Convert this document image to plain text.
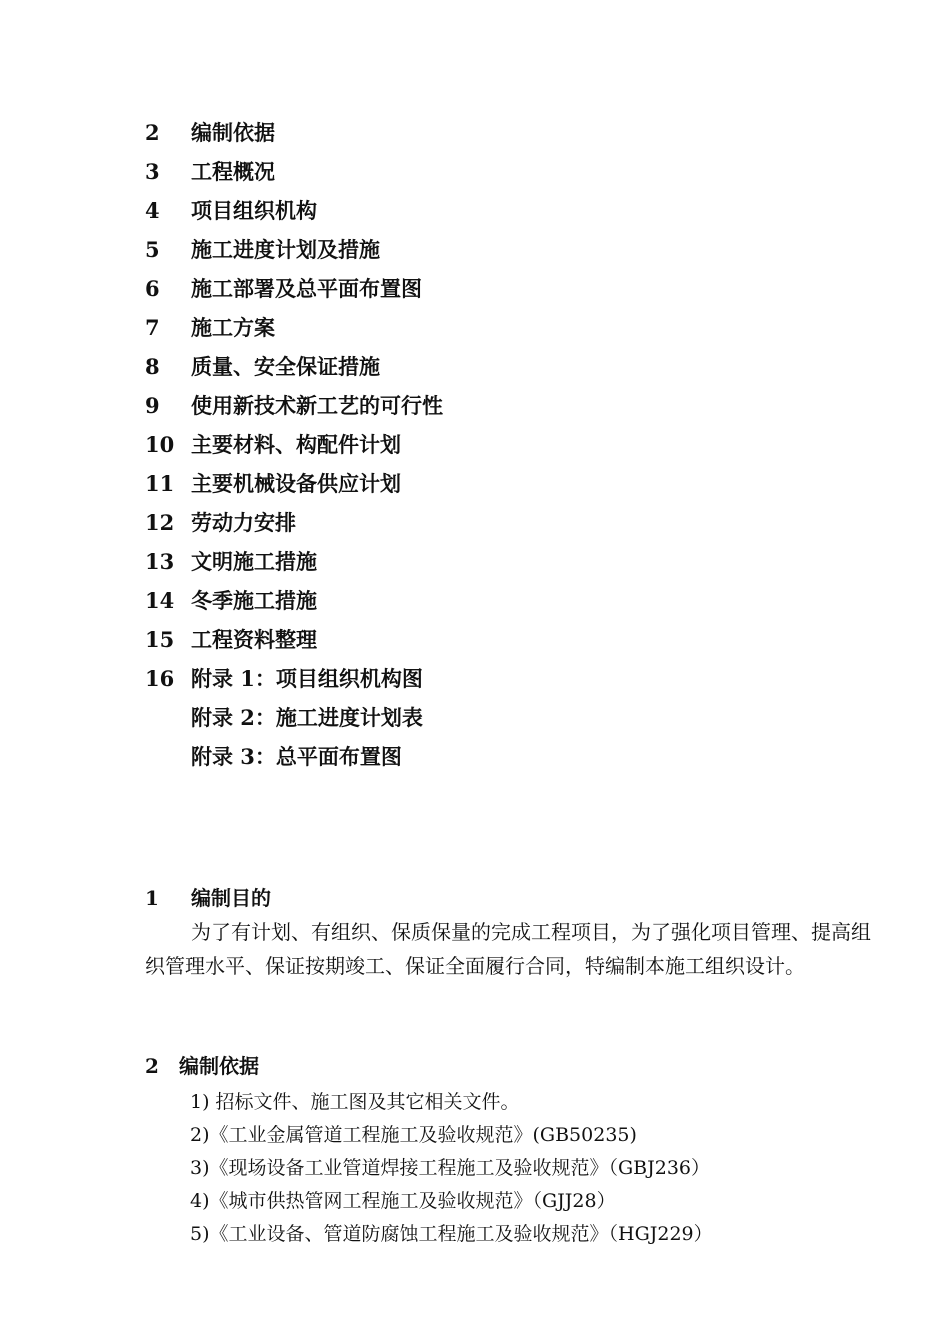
2 编制依据
3 工程概况
4 项目组织机构
5 施工进度计划及措施
6 施工部署及总平面布置图
7 施工方案
8 质量、安全保证措施
9 使用新技术新工艺的可行性
10 主要材料、构配件计划
11 主要机械设备供应计划
12 劳动力安排
13 文明施工措施
14 冬季施工措施
15 工程资料整理
16 附录 1：项目组织机构图
附录 2：施工进度计划表
附录 3：总平面布置图
1 编制目的
为了有计划、有组织、保质保量的完成工程项目，为了强化项目管理、提高组织管理水平、保证按期竣工、保证全面履行合同，特编制本施工组织设计。
2 编制依据
1) 招标文件、施工图及其它相关文件。
2)《工业金属管道工程施工及验收规范》(GB50235)
3)《现场设备工业管道焊接工程施工及验收规范》（GBJ236）
4)《城市供热管网工程施工及验收规范》（GJJ28）
5)《工业设备、管道防腐蚀工程施工及验收规范》（HGJ229）
